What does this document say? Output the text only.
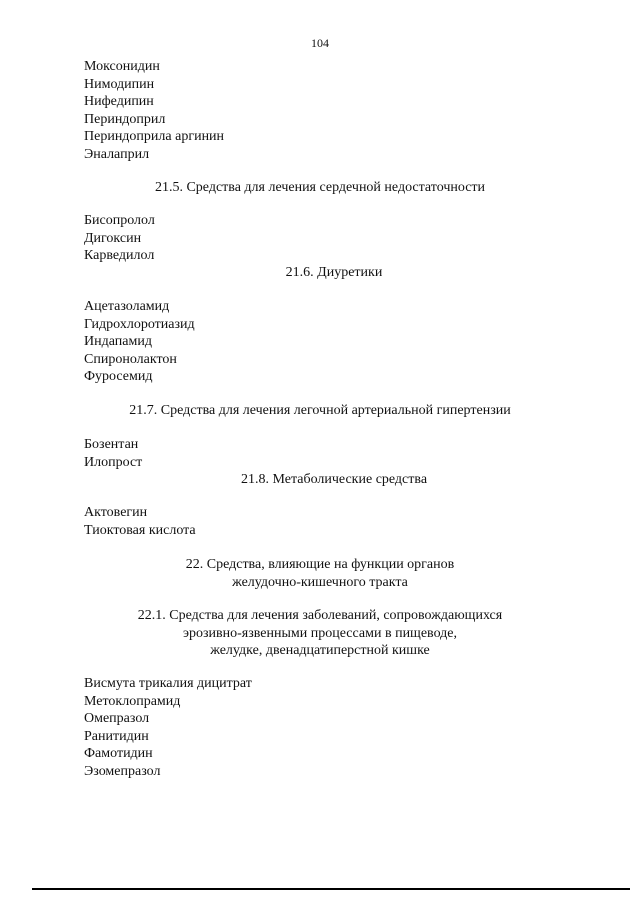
104
Моксонидин
Нимодипин
Нифедипин
Периндоприл
Периндоприла аргинин
Эналаприл
21.5. Средства для лечения сердечной недостаточности
Бисопролол
Дигоксин
Карведилол
21.6. Диуретики
Ацетазоламид
Гидрохлоротиазид
Индапамид
Спиронолактон
Фуросемид
21.7. Средства для лечения легочной артериальной гипертензии
Бозентан
Илопрост
21.8. Метаболические средства
Актовегин
Тиоктовая кислота
22. Средства, влияющие на функции органов
желудочно-кишечного тракта
22.1. Средства для лечения заболеваний, сопровождающихся
эрозивно-язвенными процессами в пищеводе,
желудке, двенадцатиперстной кишке
Висмута трикалия дицитрат
Метоклопрамид
Омепразол
Ранитидин
Фамотидин
Эзомепразол
